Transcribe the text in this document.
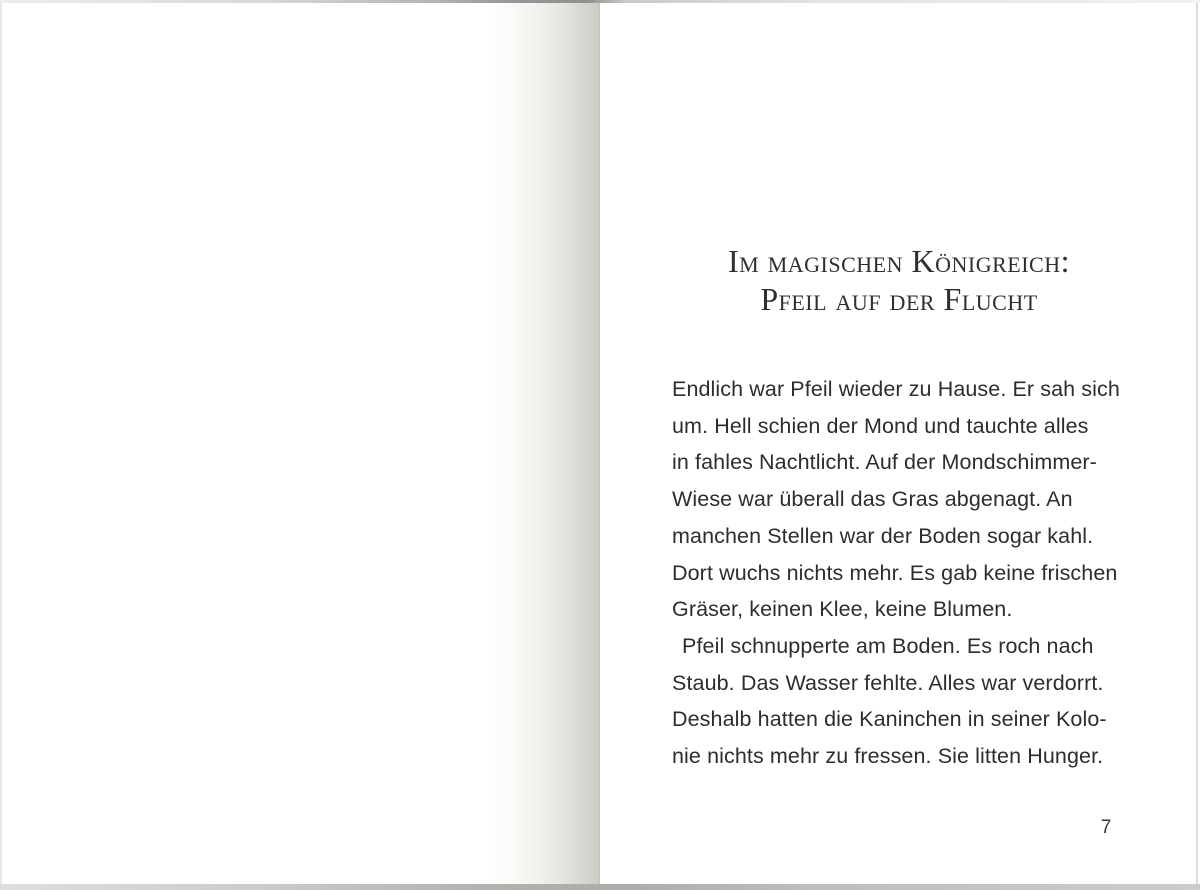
Im magischen Königreich:
Pfeil auf der Flucht
Endlich war Pfeil wieder zu Hause. Er sah sich
um. Hell schien der Mond und tauchte alles
in fahles Nachtlicht. Auf der Mondschimmer-
Wiese war überall das Gras abgenagt. An
manchen Stellen war der Boden sogar kahl.
Dort wuchs nichts mehr. Es gab keine frischen
Gräser, keinen Klee, keine Blumen.
Pfeil schnupperte am Boden. Es roch nach
Staub. Das Wasser fehlte. Alles war verdorrt.
Deshalb hatten die Kaninchen in seiner Kolo-
nie nichts mehr zu fressen. Sie litten Hunger.
7
